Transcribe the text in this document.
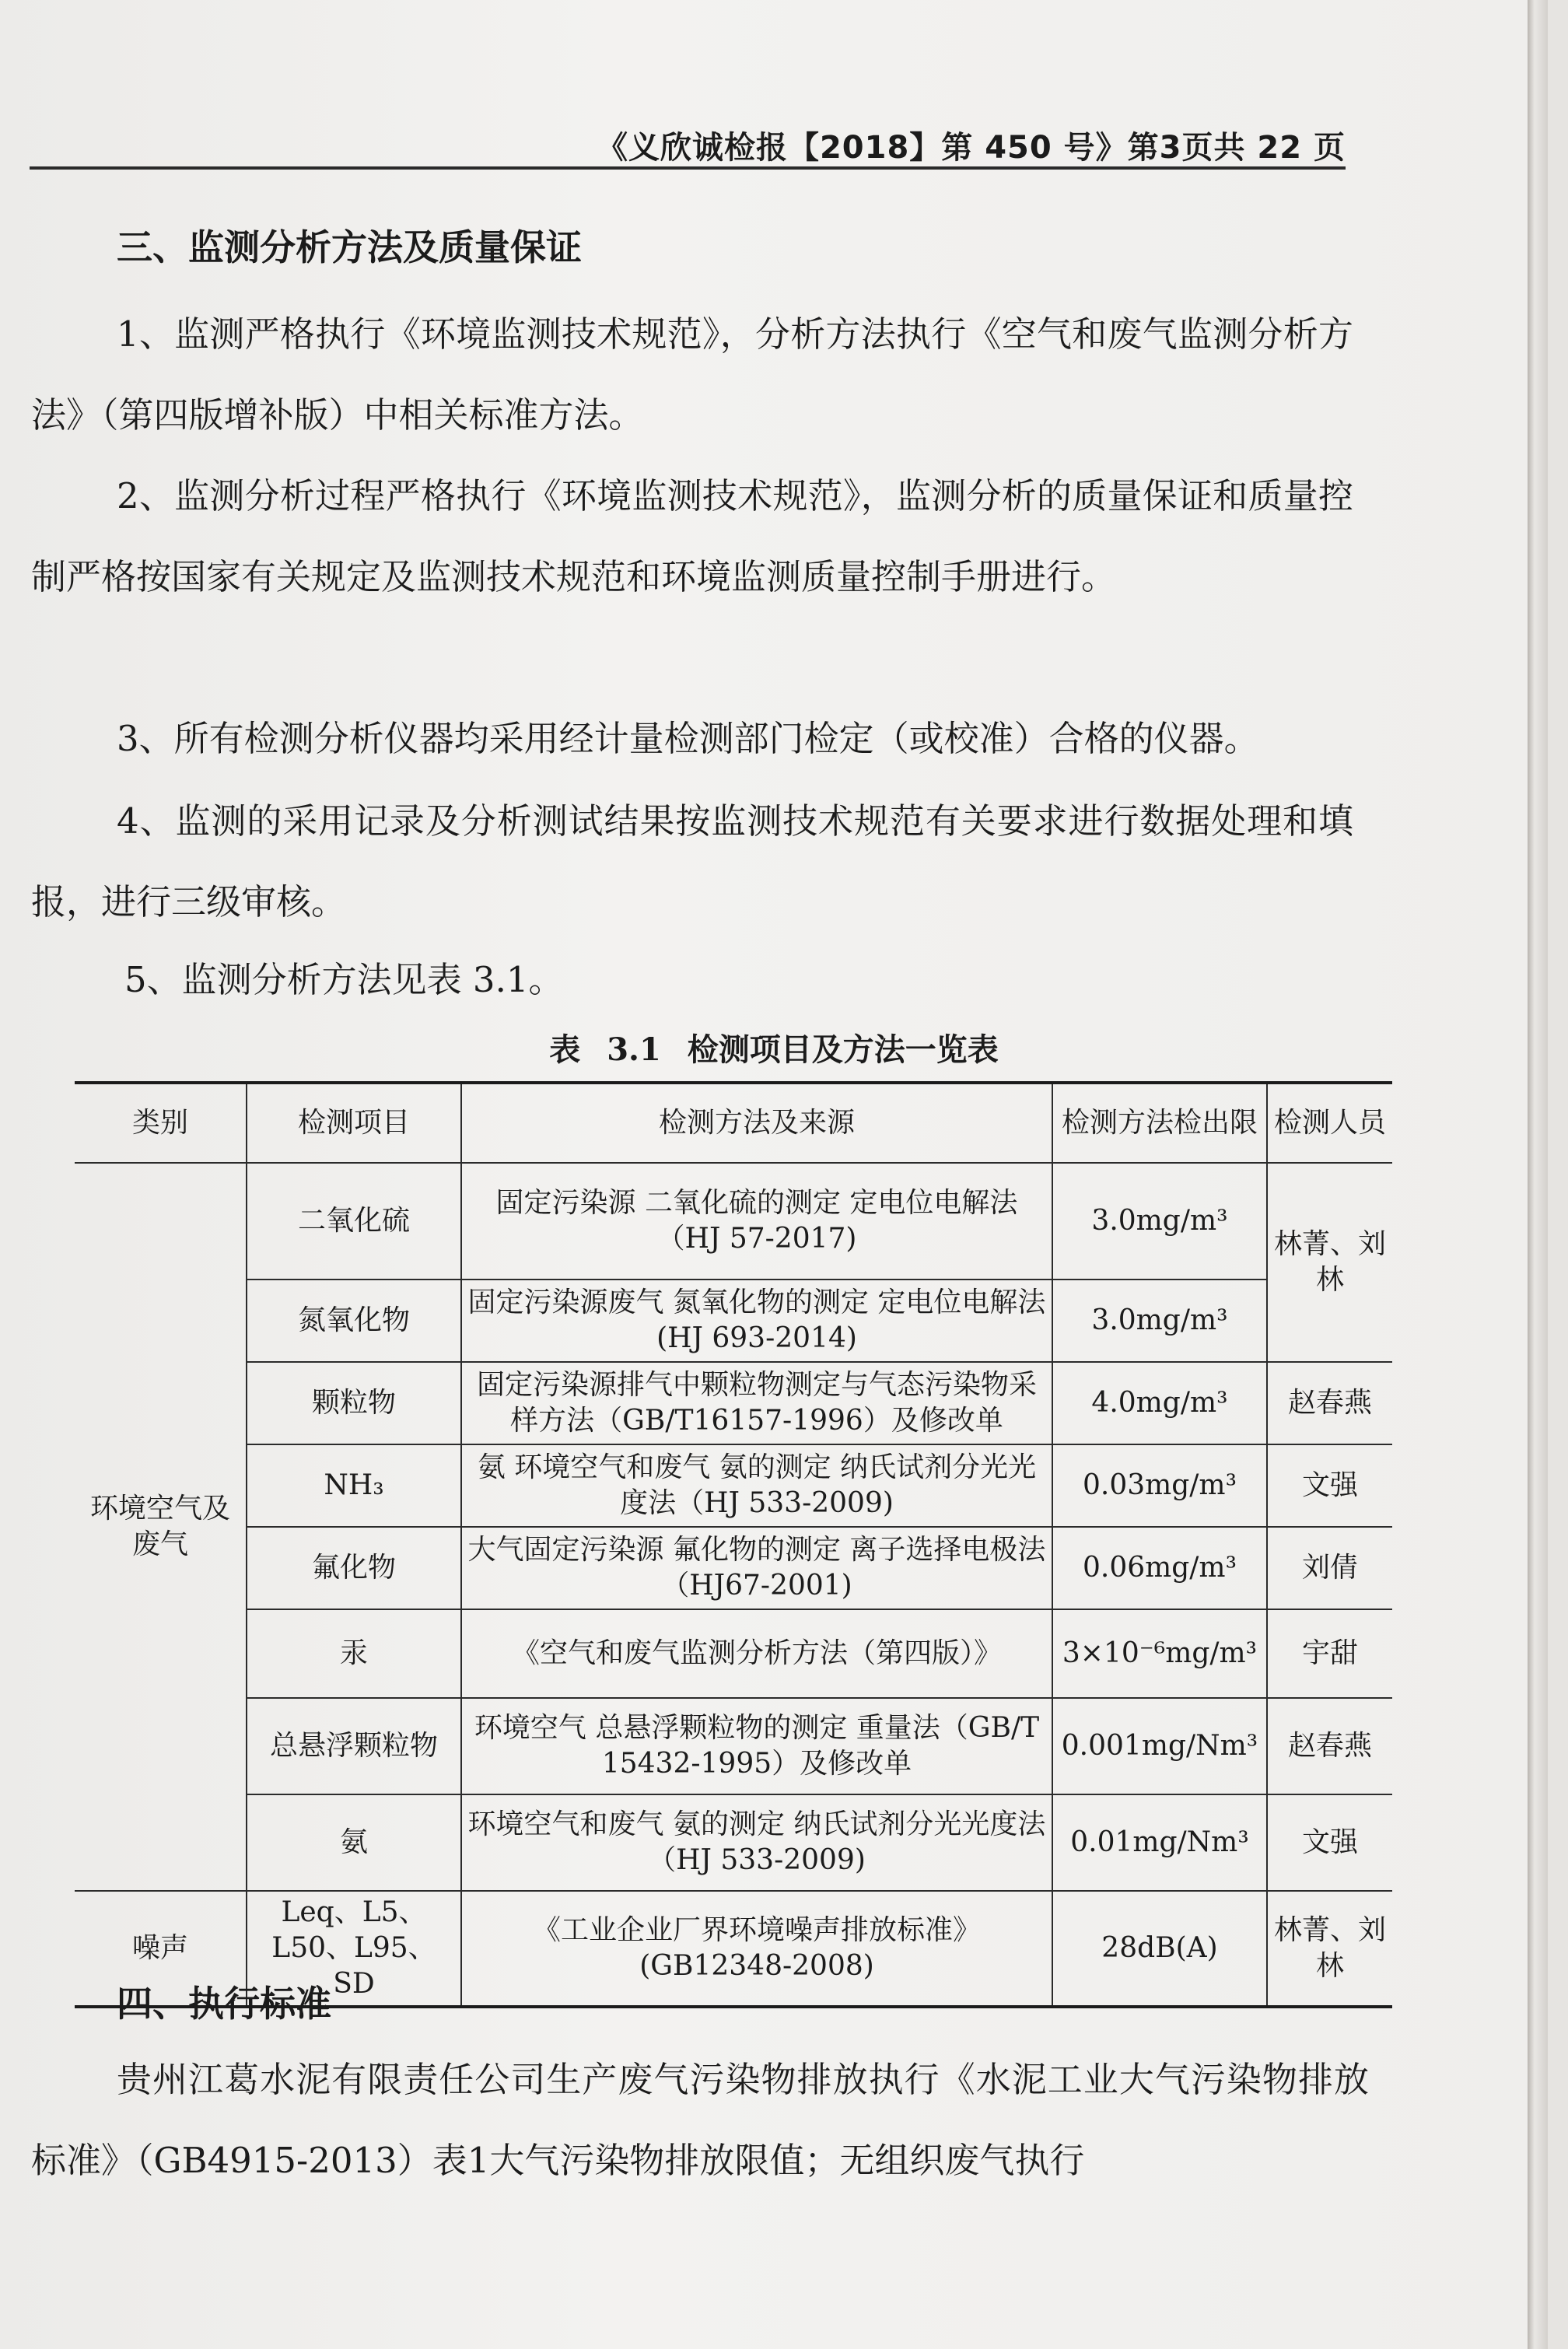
《义欣诚检报【2018】第 450 号》第3页共 22 页
三、监测分析方法及质量保证
1、监测严格执行《环境监测技术规范》，分析方法执行《空气和废气监测分析方法》（第四版增补版）中相关标准方法。
2、监测分析过程严格执行《环境监测技术规范》，监测分析的质量保证和质量控制严格按国家有关规定及监测技术规范和环境监测质量控制手册进行。
3、所有检测分析仪器均采用经计量检测部门检定（或校准）合格的仪器。
4、监测的采用记录及分析测试结果按监测技术规范有关要求进行数据处理和填报，进行三级审核。
5、监测分析方法见表 3.1。
表 3.1 检测项目及方法一览表
类别	检测项目	检测方法及来源	检测方法检出限	检测人员
环境空气及废气	二氧化硫	固定污染源 二氧化硫的测定 定电位电解法（HJ 57-2017)	3.0mg/m³	林菁、刘林
	氮氧化物	固定污染源废气 氮氧化物的测定 定电位电解法(HJ 693-2014)	3.0mg/m³	
	颗粒物	固定污染源排气中颗粒物测定与气态污染物采样方法（GB/T16157-1996）及修改单	4.0mg/m³	赵春燕
	NH₃	氨 环境空气和废气 氨的测定 纳氏试剂分光光度法（HJ 533-2009)	0.03mg/m³	文强
	氟化物	大气固定污染源 氟化物的测定 离子选择电极法（HJ67-2001)	0.06mg/m³	刘倩
	汞	《空气和废气监测分析方法（第四版）》	3×10⁻⁶mg/m³	宇甜
	总悬浮颗粒物	环境空气 总悬浮颗粒物的测定 重量法（GB/T 15432-1995）及修改单	0.001mg/Nm³	赵春燕
	氨	环境空气和废气 氨的测定 纳氏试剂分光光度法 （HJ 533-2009)	0.01mg/Nm³	文强
噪声	Leq、L5、L50、L95、SD	《工业企业厂界环境噪声排放标准》(GB12348-2008)	28dB(A)	林菁、刘林
四、执行标准
贵州江葛水泥有限责任公司生产废气污染物排放执行《水泥工业大气污染物排放标准》（GB4915-2013）表1大气污染物排放限值；无组织废气执行
